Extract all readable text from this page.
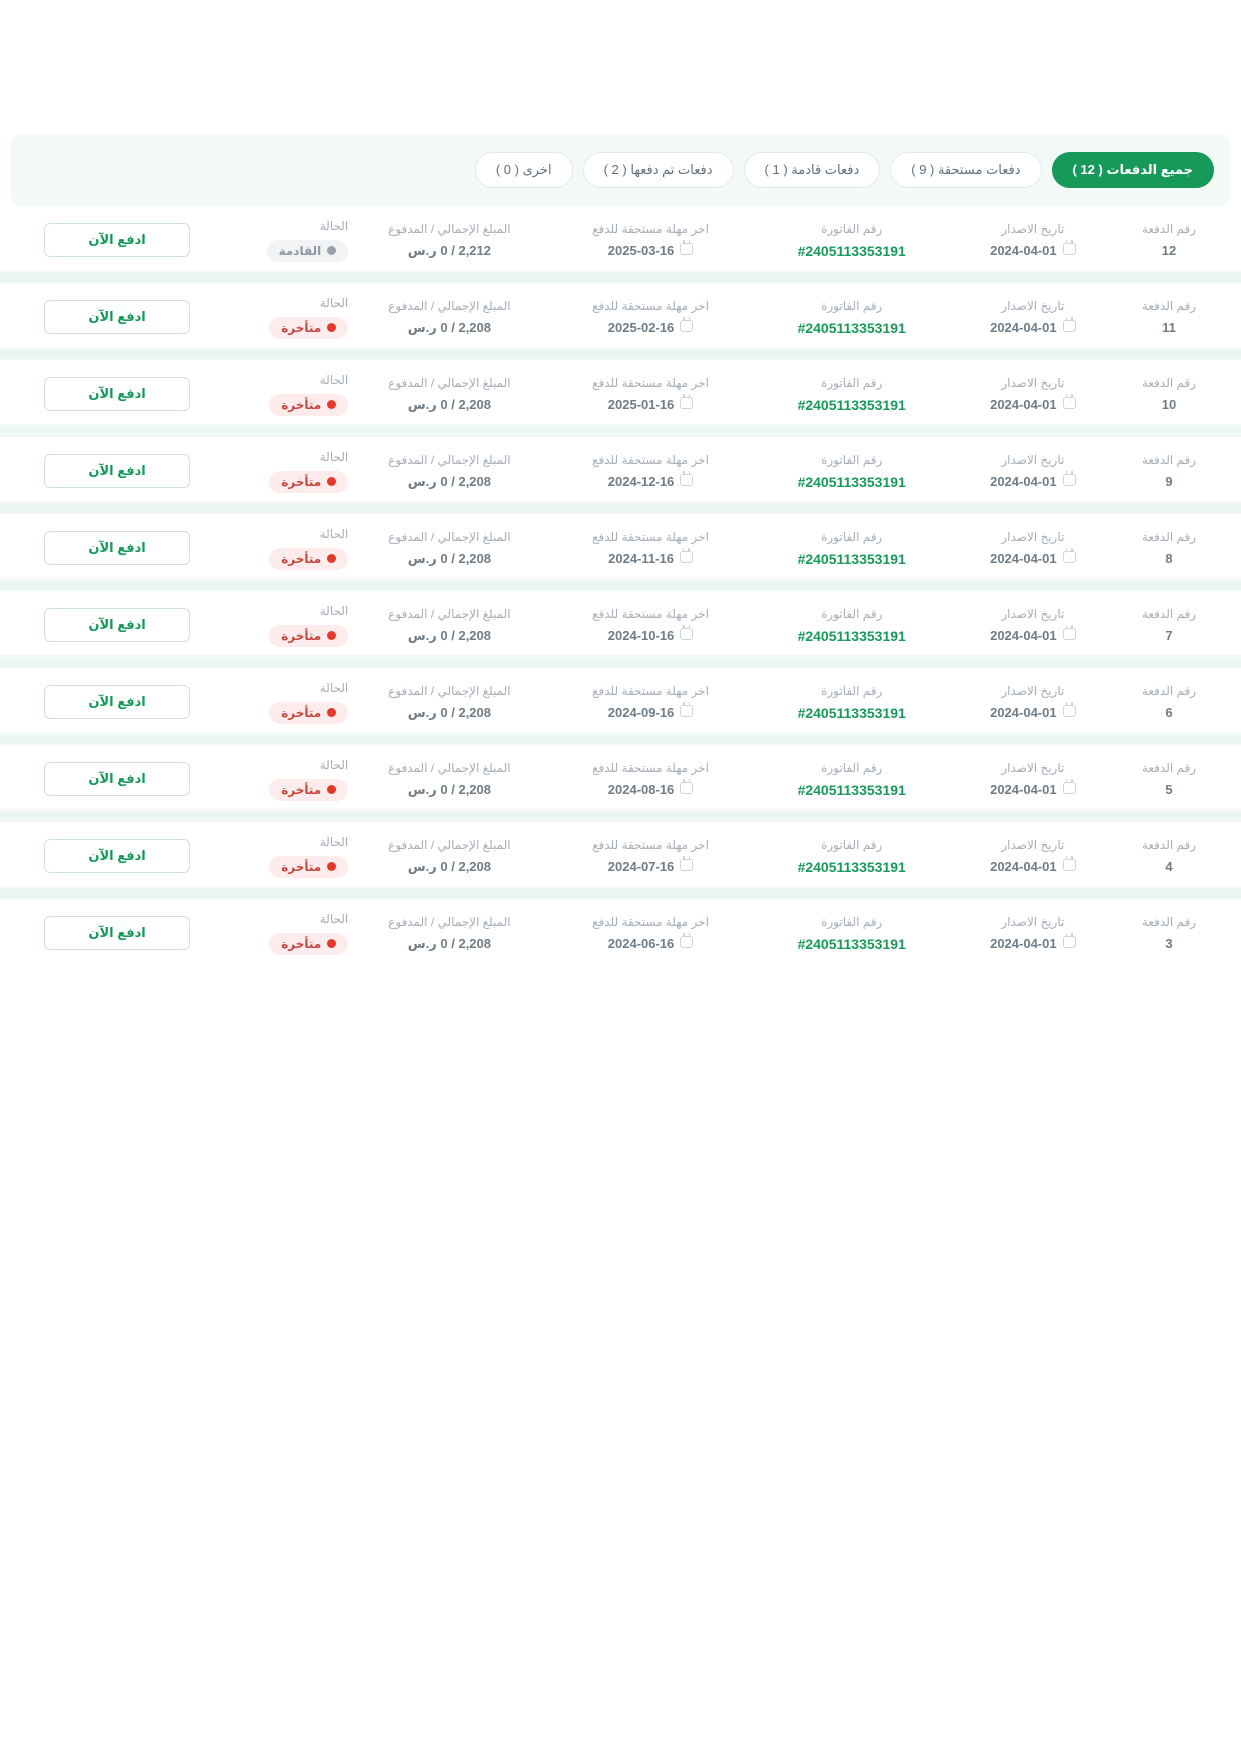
جميع الدفعات ( 12 )
دفعات مستحقة ( 9 )
دفعات قادمة ( 1 )
دفعات تم دفعها ( 2 )
اخرى ( 0 )
رقم الدفعة
12
تاريخ الاصدار
2024-04-01
رقم الفاتورة
#2405113353191
اخر مهلة مستحقة للدفع
2025-03-16
المبلغ الإجمالي / المدفوع
2,212 / 0 ر.س
الحالة
القادمة
ادفع الآن
رقم الدفعة
11
تاريخ الاصدار
2024-04-01
رقم الفاتورة
#2405113353191
اخر مهلة مستحقة للدفع
2025-02-16
المبلغ الإجمالي / المدفوع
2,208 / 0 ر.س
الحالة
متأخرة
ادفع الآن
رقم الدفعة
10
تاريخ الاصدار
2024-04-01
رقم الفاتورة
#2405113353191
اخر مهلة مستحقة للدفع
2025-01-16
المبلغ الإجمالي / المدفوع
2,208 / 0 ر.س
الحالة
متأخرة
ادفع الآن
رقم الدفعة
9
تاريخ الاصدار
2024-04-01
رقم الفاتورة
#2405113353191
اخر مهلة مستحقة للدفع
2024-12-16
المبلغ الإجمالي / المدفوع
2,208 / 0 ر.س
الحالة
متأخرة
ادفع الآن
رقم الدفعة
8
تاريخ الاصدار
2024-04-01
رقم الفاتورة
#2405113353191
اخر مهلة مستحقة للدفع
2024-11-16
المبلغ الإجمالي / المدفوع
2,208 / 0 ر.س
الحالة
متأخرة
ادفع الآن
رقم الدفعة
7
تاريخ الاصدار
2024-04-01
رقم الفاتورة
#2405113353191
اخر مهلة مستحقة للدفع
2024-10-16
المبلغ الإجمالي / المدفوع
2,208 / 0 ر.س
الحالة
متأخرة
ادفع الآن
رقم الدفعة
6
تاريخ الاصدار
2024-04-01
رقم الفاتورة
#2405113353191
اخر مهلة مستحقة للدفع
2024-09-16
المبلغ الإجمالي / المدفوع
2,208 / 0 ر.س
الحالة
متأخرة
ادفع الآن
رقم الدفعة
5
تاريخ الاصدار
2024-04-01
رقم الفاتورة
#2405113353191
اخر مهلة مستحقة للدفع
2024-08-16
المبلغ الإجمالي / المدفوع
2,208 / 0 ر.س
الحالة
متأخرة
ادفع الآن
رقم الدفعة
4
تاريخ الاصدار
2024-04-01
رقم الفاتورة
#2405113353191
اخر مهلة مستحقة للدفع
2024-07-16
المبلغ الإجمالي / المدفوع
2,208 / 0 ر.س
الحالة
متأخرة
ادفع الآن
رقم الدفعة
3
تاريخ الاصدار
2024-04-01
رقم الفاتورة
#2405113353191
اخر مهلة مستحقة للدفع
2024-06-16
المبلغ الإجمالي / المدفوع
2,208 / 0 ر.س
الحالة
متأخرة
ادفع الآن
